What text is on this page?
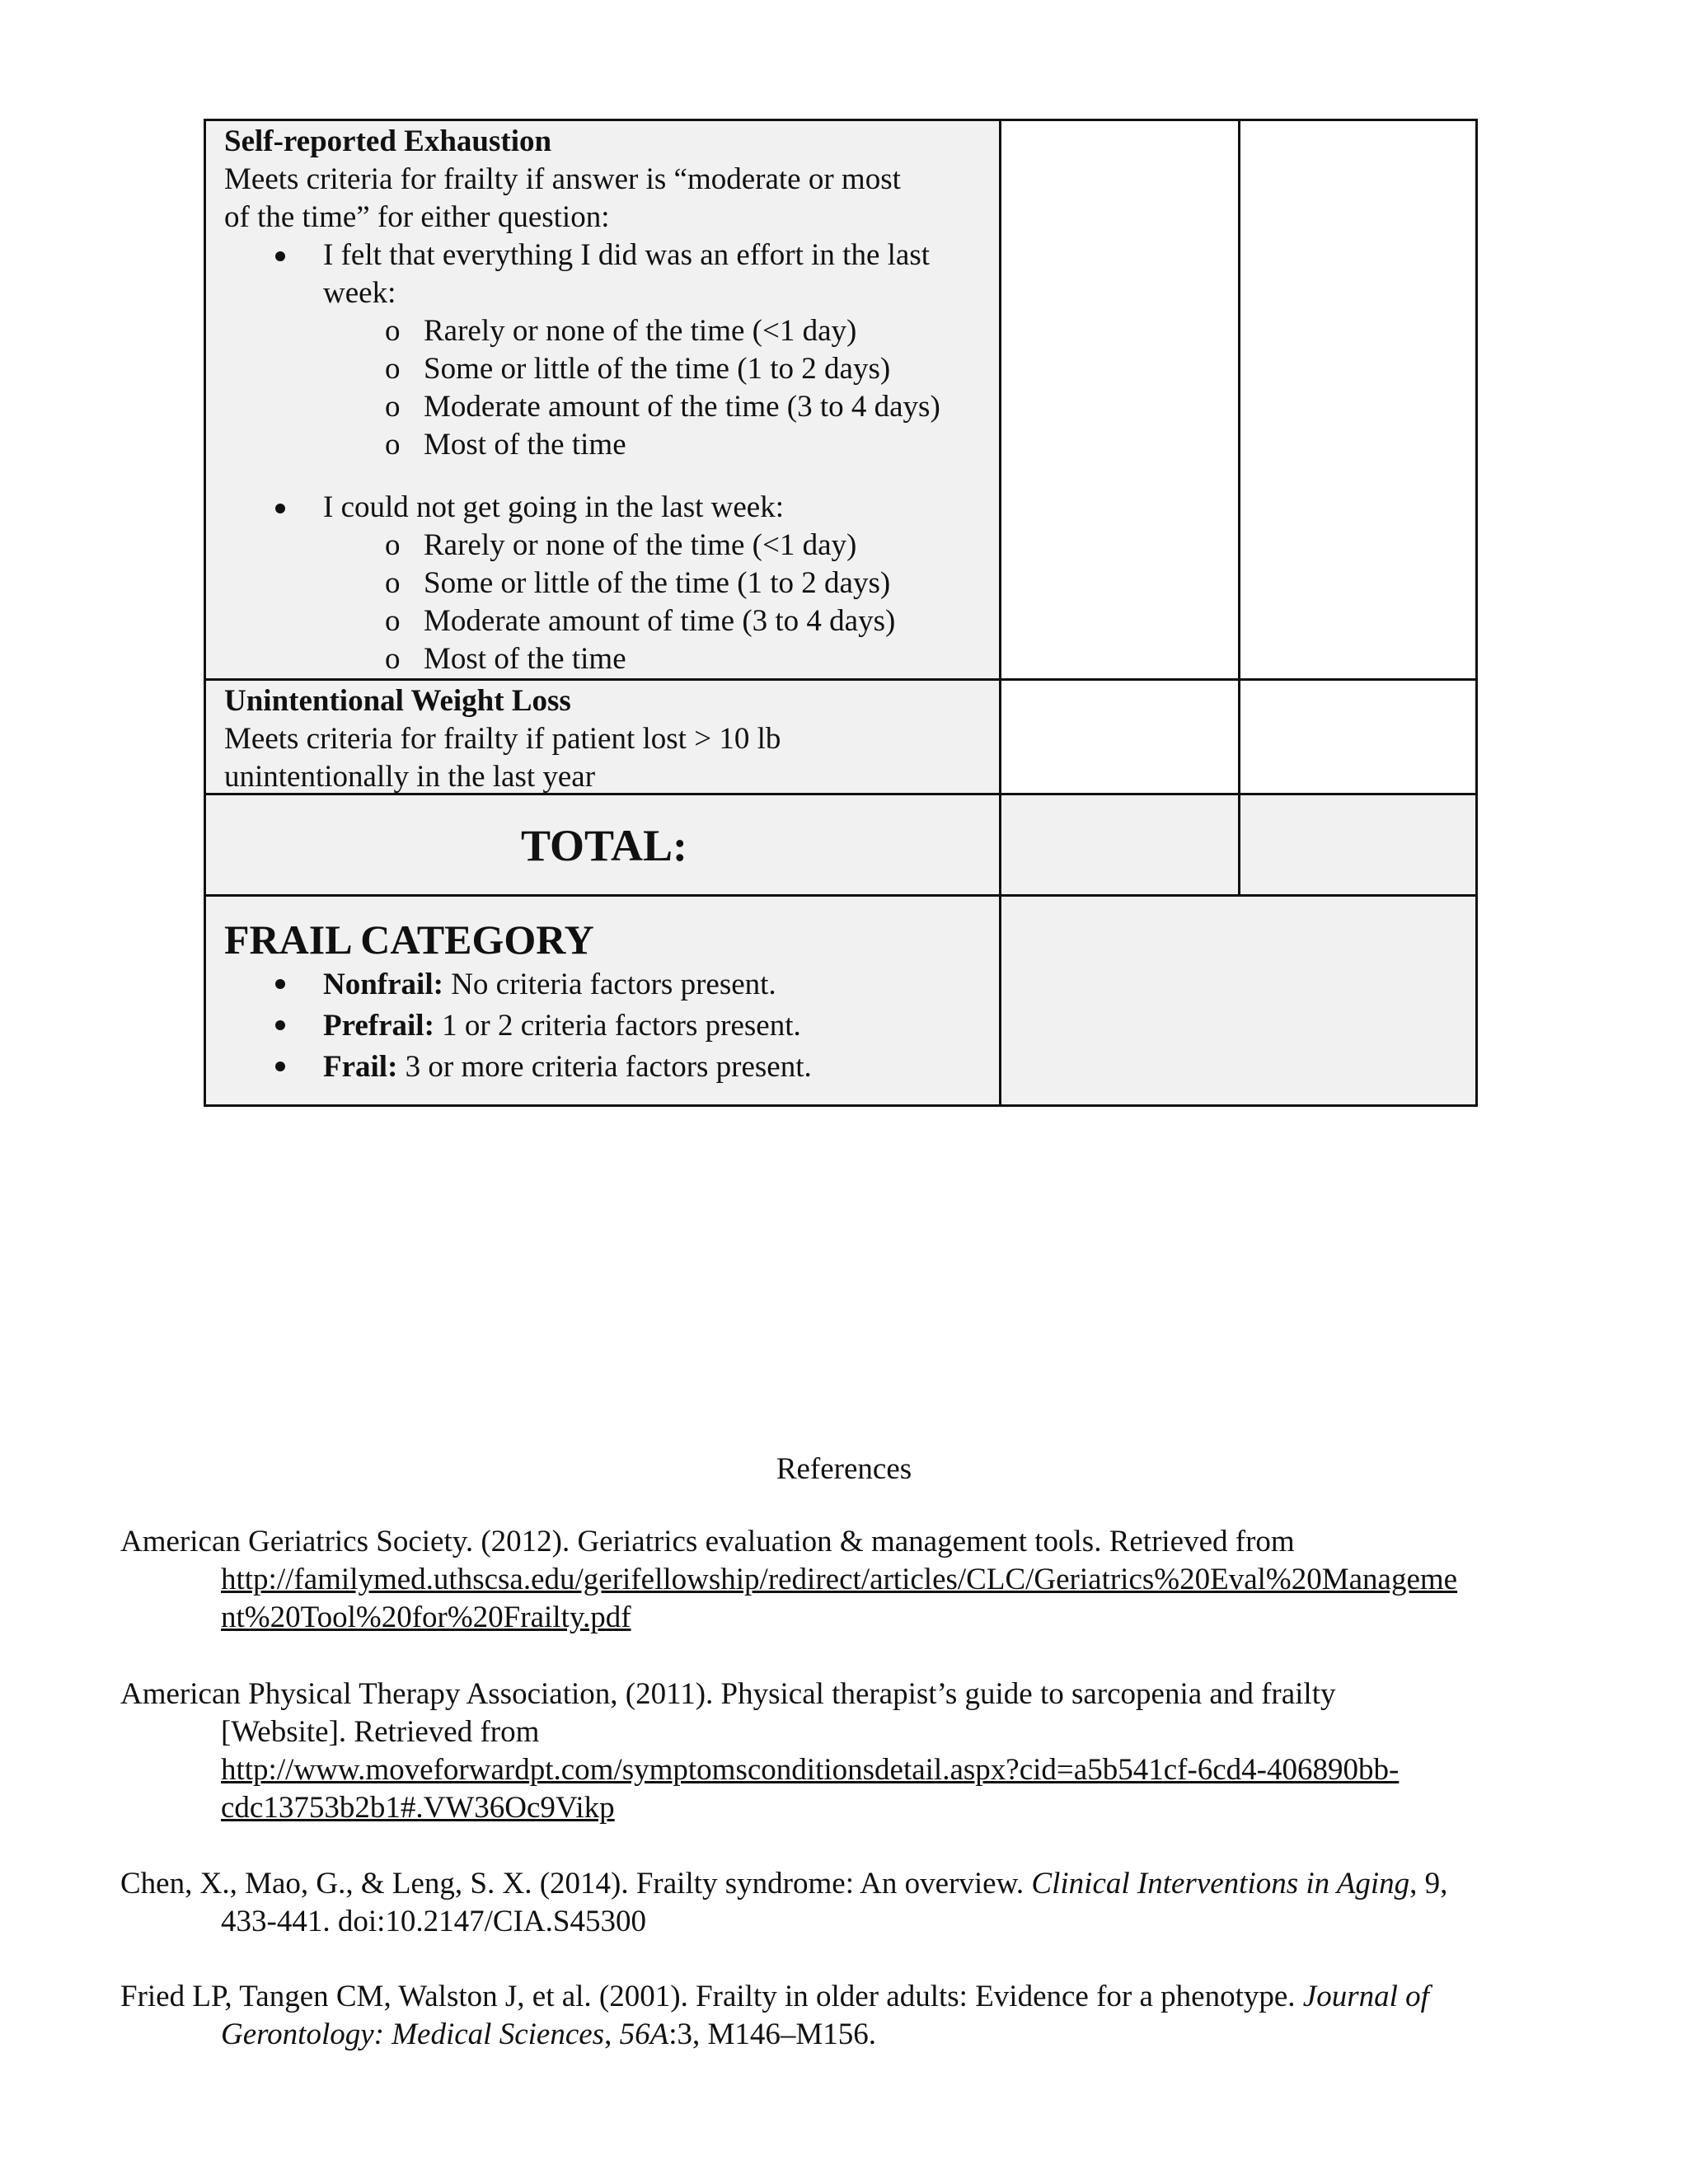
Self-reported Exhaustion
Meets criteria for frailty if answer is “moderate or most
of the time” for either question:
I felt that everything I did was an effort in the last
week:
o Rarely or none of the time (<1 day)
o Some or little of the time (1 to 2 days)
o Moderate amount of the time (3 to 4 days)
o Most of the time
I could not get going in the last week:
o Rarely or none of the time (<1 day)
o Some or little of the time (1 to 2 days)
o Moderate amount of time (3 to 4 days)
o Most of the time
Unintentional Weight Loss
Meets criteria for frailty if patient lost > 10 lb
unintentionally in the last year
TOTAL:
FRAIL CATEGORY
Nonfrail: No criteria factors present.
Prefrail: 1 or 2 criteria factors present.
Frail: 3 or more criteria factors present.
References
American Geriatrics Society. (2012). Geriatrics evaluation & management tools. Retrieved from
http://familymed.uthscsa.edu/gerifellowship/redirect/articles/CLC/Geriatrics%20Eval%20Manageme
nt%20Tool%20for%20Frailty.pdf
American Physical Therapy Association, (2011). Physical therapist’s guide to sarcopenia and frailty
[Website]. Retrieved from
http://www.moveforwardpt.com/symptomsconditionsdetail.aspx?cid=a5b541cf-6cd4-406890bb-
cdc13753b2b1#.VW36Oc9Vikp
Chen, X., Mao, G., & Leng, S. X. (2014). Frailty syndrome: An overview. Clinical Interventions in Aging, 9,
433-441. doi:10.2147/CIA.S45300
Fried LP, Tangen CM, Walston J, et al. (2001). Frailty in older adults: Evidence for a phenotype. Journal of
Gerontology: Medical Sciences, 56A:3, M146–M156.
